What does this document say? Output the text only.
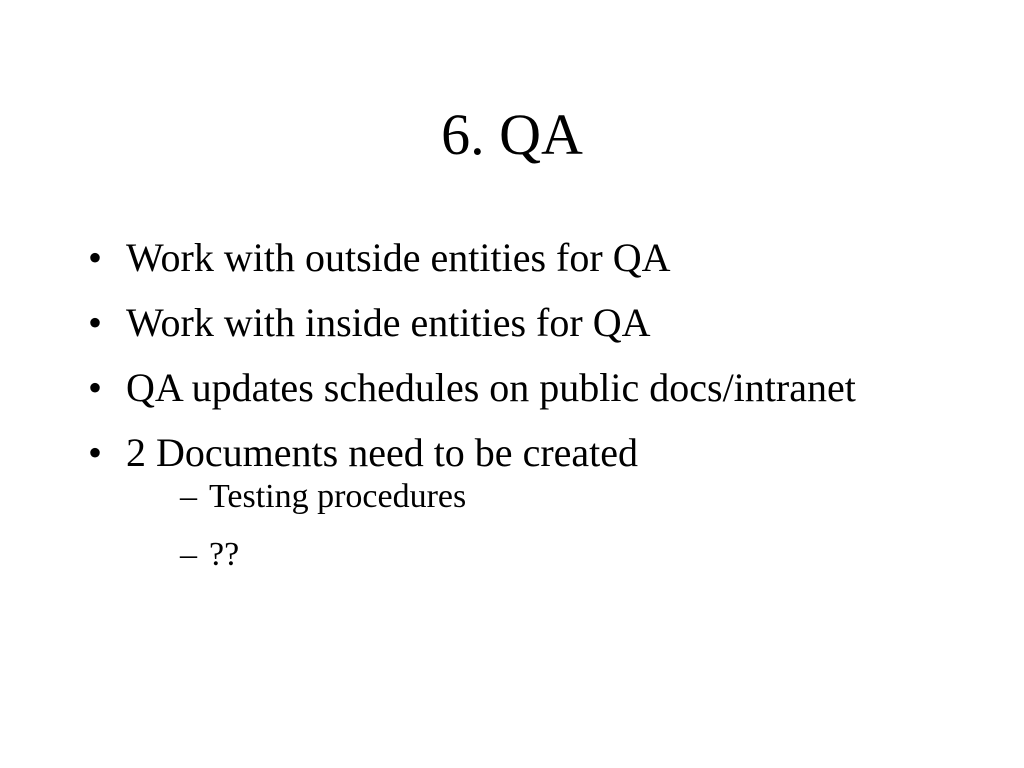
6. QA
• Work with outside entities for QA
• Work with inside entities for QA
• QA updates schedules on public docs/intranet
• 2 Documents need to be created
– Testing procedures
– ??
